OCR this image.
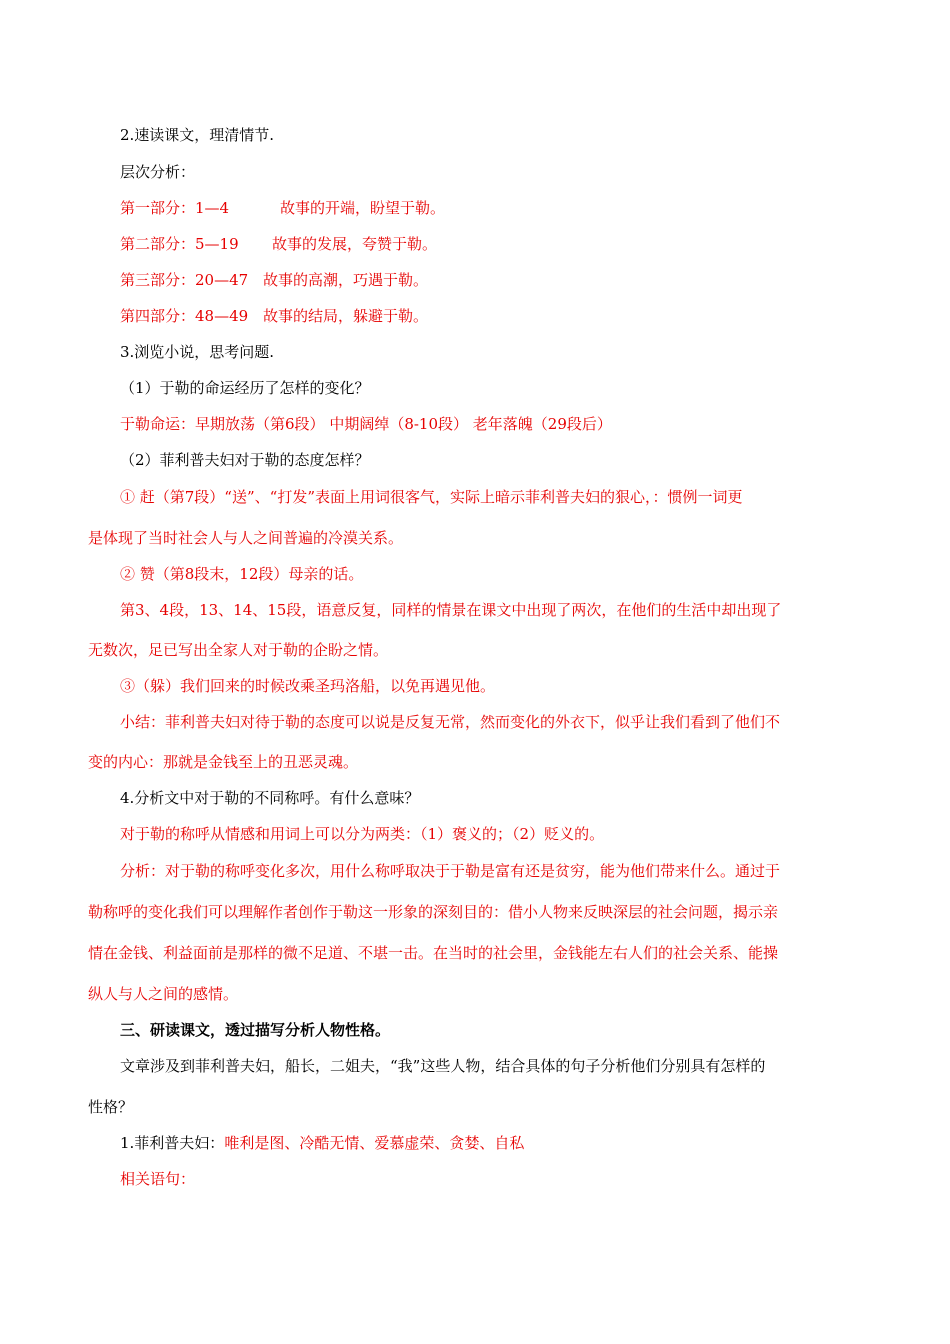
2.速读课文，理清情节.
层次分析：
第一部分：1—4	故事的开端，盼望于勒。
第二部分：5—19 故事的发展，夸赞于勒。
第三部分：20—47 故事的高潮，巧遇于勒。
第四部分：48—49 故事的结局，躲避于勒。
3.浏览小说，思考问题.
（1）于勒的命运经历了怎样的变化？
于勒命运：早期放荡（第6段） 中期阔绰（8-10段） 老年落魄（29段后）
（2）菲利普夫妇对于勒的态度怎样？
① 赶（第7段）“送”、“打发”表面上用词很客气，实际上暗示菲利普夫妇的狠心，：惯例一词更
是体现了当时社会人与人之间普遍的冷漠关系。
② 赞（第8段末，12段）母亲的话。
第3、4段，13、14、15段，语意反复，同样的情景在课文中出现了两次，在他们的生活中却出现了
无数次，足已写出全家人对于勒的企盼之情。
③（躲）我们回来的时候改乘圣玛洛船，以免再遇见他。
小结：菲利普夫妇对待于勒的态度可以说是反复无常，然而变化的外衣下，似乎让我们看到了他们不
变的内心：那就是金钱至上的丑恶灵魂。
4.分析文中对于勒的不同称呼。有什么意味？
对于勒的称呼从情感和用词上可以分为两类：（1）褒义的；（2）贬义的。
分析：对于勒的称呼变化多次，用什么称呼取决于于勒是富有还是贫穷，能为他们带来什么。通过于
勒称呼的变化我们可以理解作者创作于勒这一形象的深刻目的：借小人物来反映深层的社会问题，揭示亲
情在金钱、利益面前是那样的微不足道、不堪一击。在当时的社会里，金钱能左右人们的社会关系、能操
纵人与人之间的感情。
三、研读课文，透过描写分析人物性格。
文章涉及到菲利普夫妇，船长，二姐夫，“我”这些人物，结合具体的句子分析他们分别具有怎样的
性格？
1.菲利普夫妇：唯利是图、冷酷无情、爱慕虚荣、贪婪、自私
相关语句：
